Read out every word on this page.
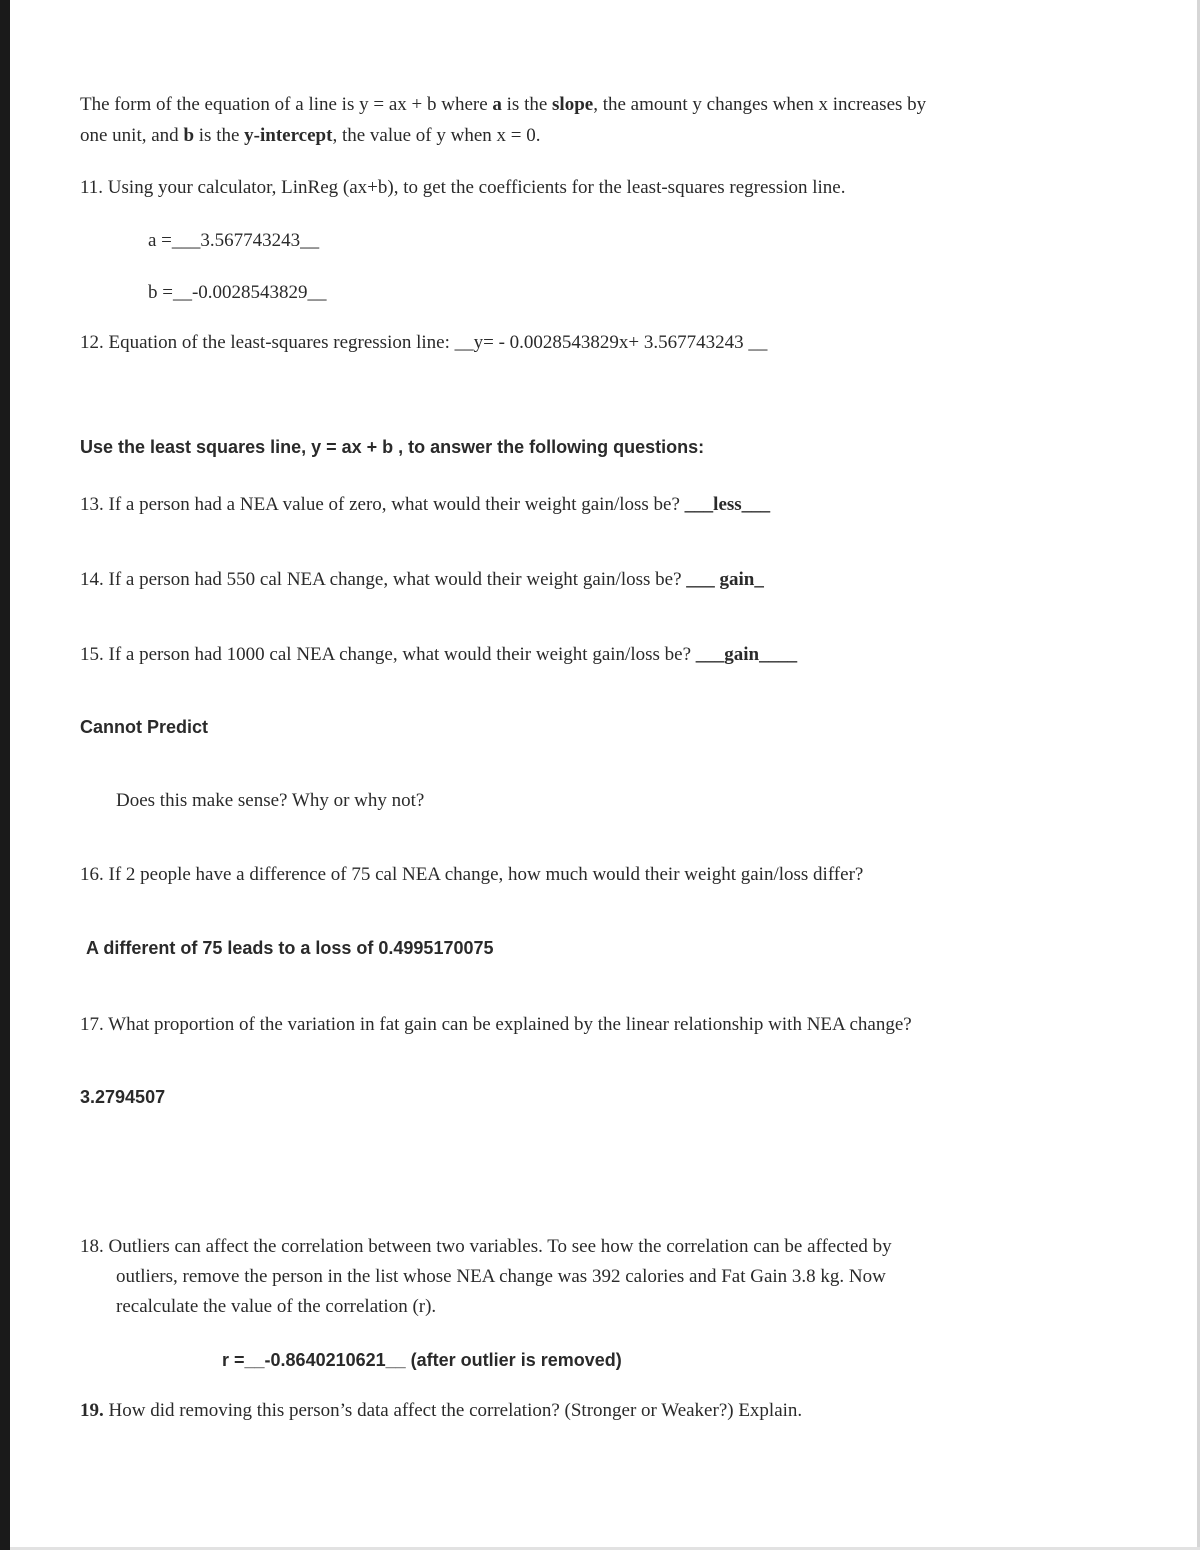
The form of the equation of a line is y = ax + b where a is the slope, the amount y changes when x increases by
one unit, and b is the y-intercept, the value of y when x = 0.
11. Using your calculator, LinReg (ax+b), to get the coefficients for the least-squares regression line.
a =___3.567743243__
b =__-0.0028543829__
12. Equation of the least-squares regression line: __y= - 0.0028543829x+ 3.567743243 __
Use the least squares line, y = ax + b , to answer the following questions:
13. If a person had a NEA value of zero, what would their weight gain/loss be? ___less___
14. If a person had 550 cal NEA change, what would their weight gain/loss be? ___ gain_
15. If a person had 1000 cal NEA change, what would their weight gain/loss be? ___gain____
Cannot Predict
Does this make sense? Why or why not?
16. If 2 people have a difference of 75 cal NEA change, how much would their weight gain/loss differ?
A different of 75 leads to a loss of 0.4995170075
17. What proportion of the variation in fat gain can be explained by the linear relationship with NEA change?
3.2794507
18. Outliers can affect the correlation between two variables. To see how the correlation can be affected by
outliers, remove the person in the list whose NEA change was 392 calories and Fat Gain 3.8 kg. Now
recalculate the value of the correlation (r).
r =__-0.8640210621__ (after outlier is removed)
19. How did removing this person’s data affect the correlation? (Stronger or Weaker?) Explain.
